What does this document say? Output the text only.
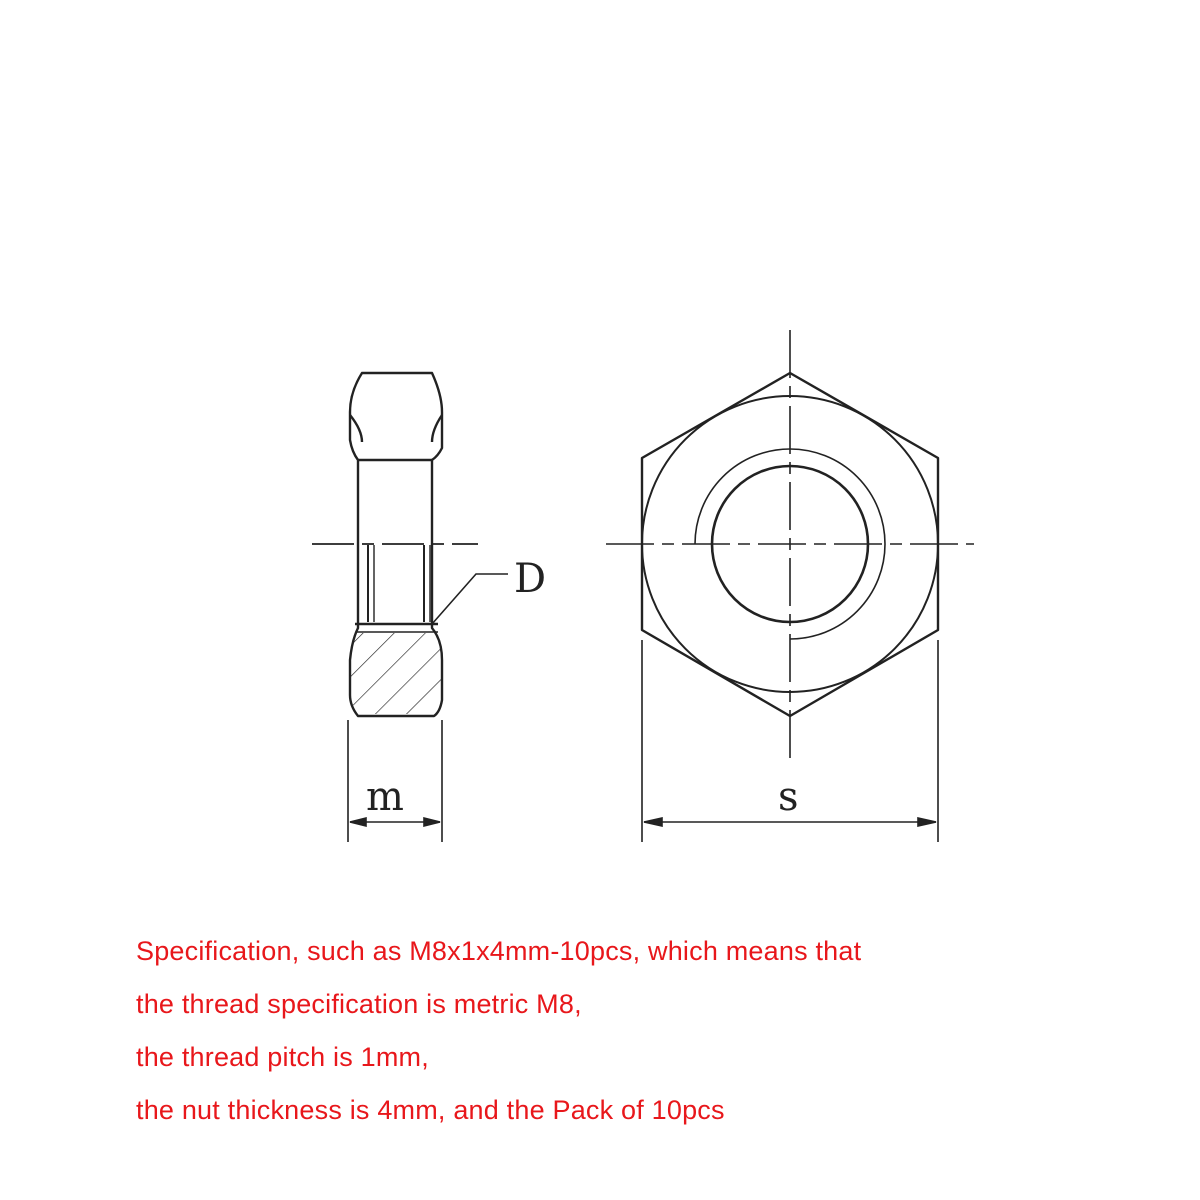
D
m	s
Specification, such as M8x1x4mm-10pcs, which means that
the thread specification is metric M8,
the thread pitch is 1mm,
the nut thickness is 4mm, and the Pack of 10pcs
